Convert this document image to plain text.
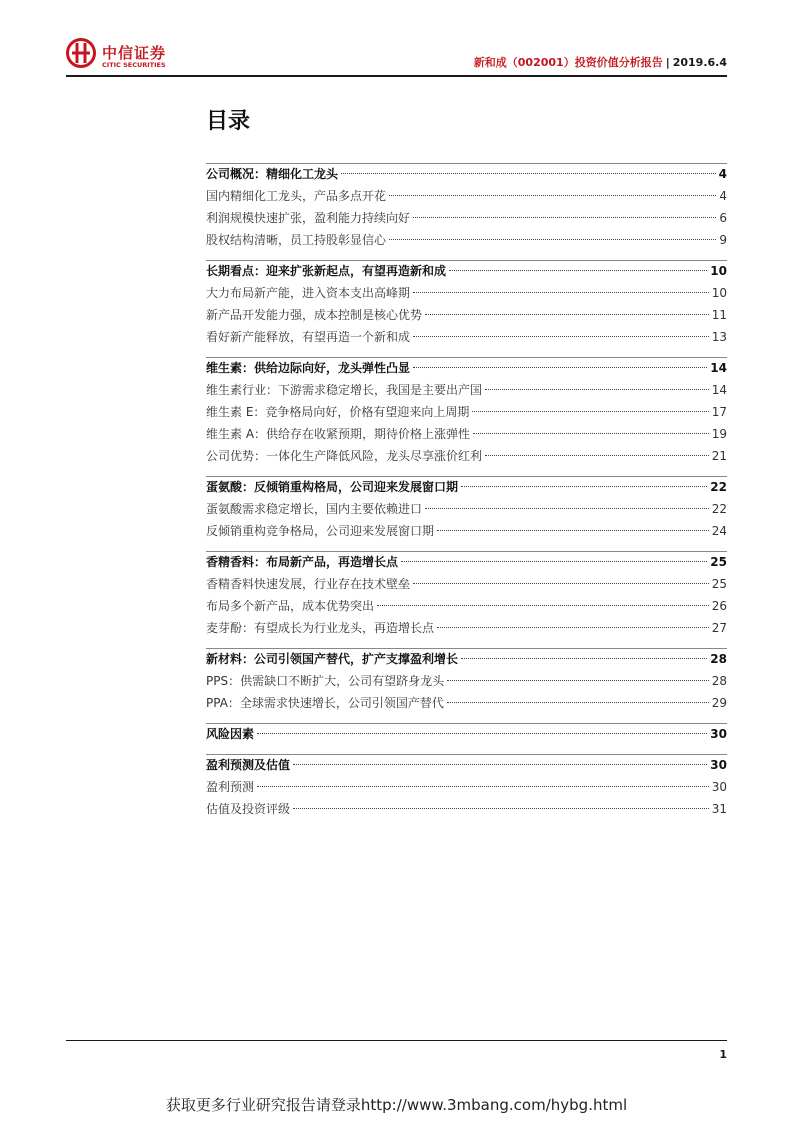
中信证券
CITIC SECURITIES	新和成（002001）投资价值分析报告 | 2019.6.4
目录
公司概况：精细化工龙头	4
国内精细化工龙头，产品多点开花	4
利润规模快速扩张，盈利能力持续向好	6
股权结构清晰，员工持股彰显信心	9
长期看点：迎来扩张新起点，有望再造新和成	10
大力布局新产能，进入资本支出高峰期	10
新产品开发能力强，成本控制是核心优势	11
看好新产能释放，有望再造一个新和成	13
维生素：供给边际向好，龙头弹性凸显	14
维生素行业：下游需求稳定增长，我国是主要出产国	14
维生素 E：竞争格局向好，价格有望迎来向上周期	17
维生素 A：供给存在收紧预期，期待价格上涨弹性	19
公司优势：一体化生产降低风险，龙头尽享涨价红利	21
蛋氨酸：反倾销重构格局，公司迎来发展窗口期	22
蛋氨酸需求稳定增长，国内主要依赖进口	22
反倾销重构竞争格局，公司迎来发展窗口期	24
香精香料：布局新产品，再造增长点	25
香精香料快速发展，行业存在技术壁垒	25
布局多个新产品，成本优势突出	26
麦芽酚：有望成长为行业龙头，再造增长点	27
新材料：公司引领国产替代，扩产支撑盈利增长	28
PPS：供需缺口不断扩大，公司有望跻身龙头	28
PPA：全球需求快速增长，公司引领国产替代	29
风险因素	30
盈利预测及估值	30
盈利预测	30
估值及投资评级	31
1
获取更多行业研究报告请登录http://www.3mbang.com/hybg.html
